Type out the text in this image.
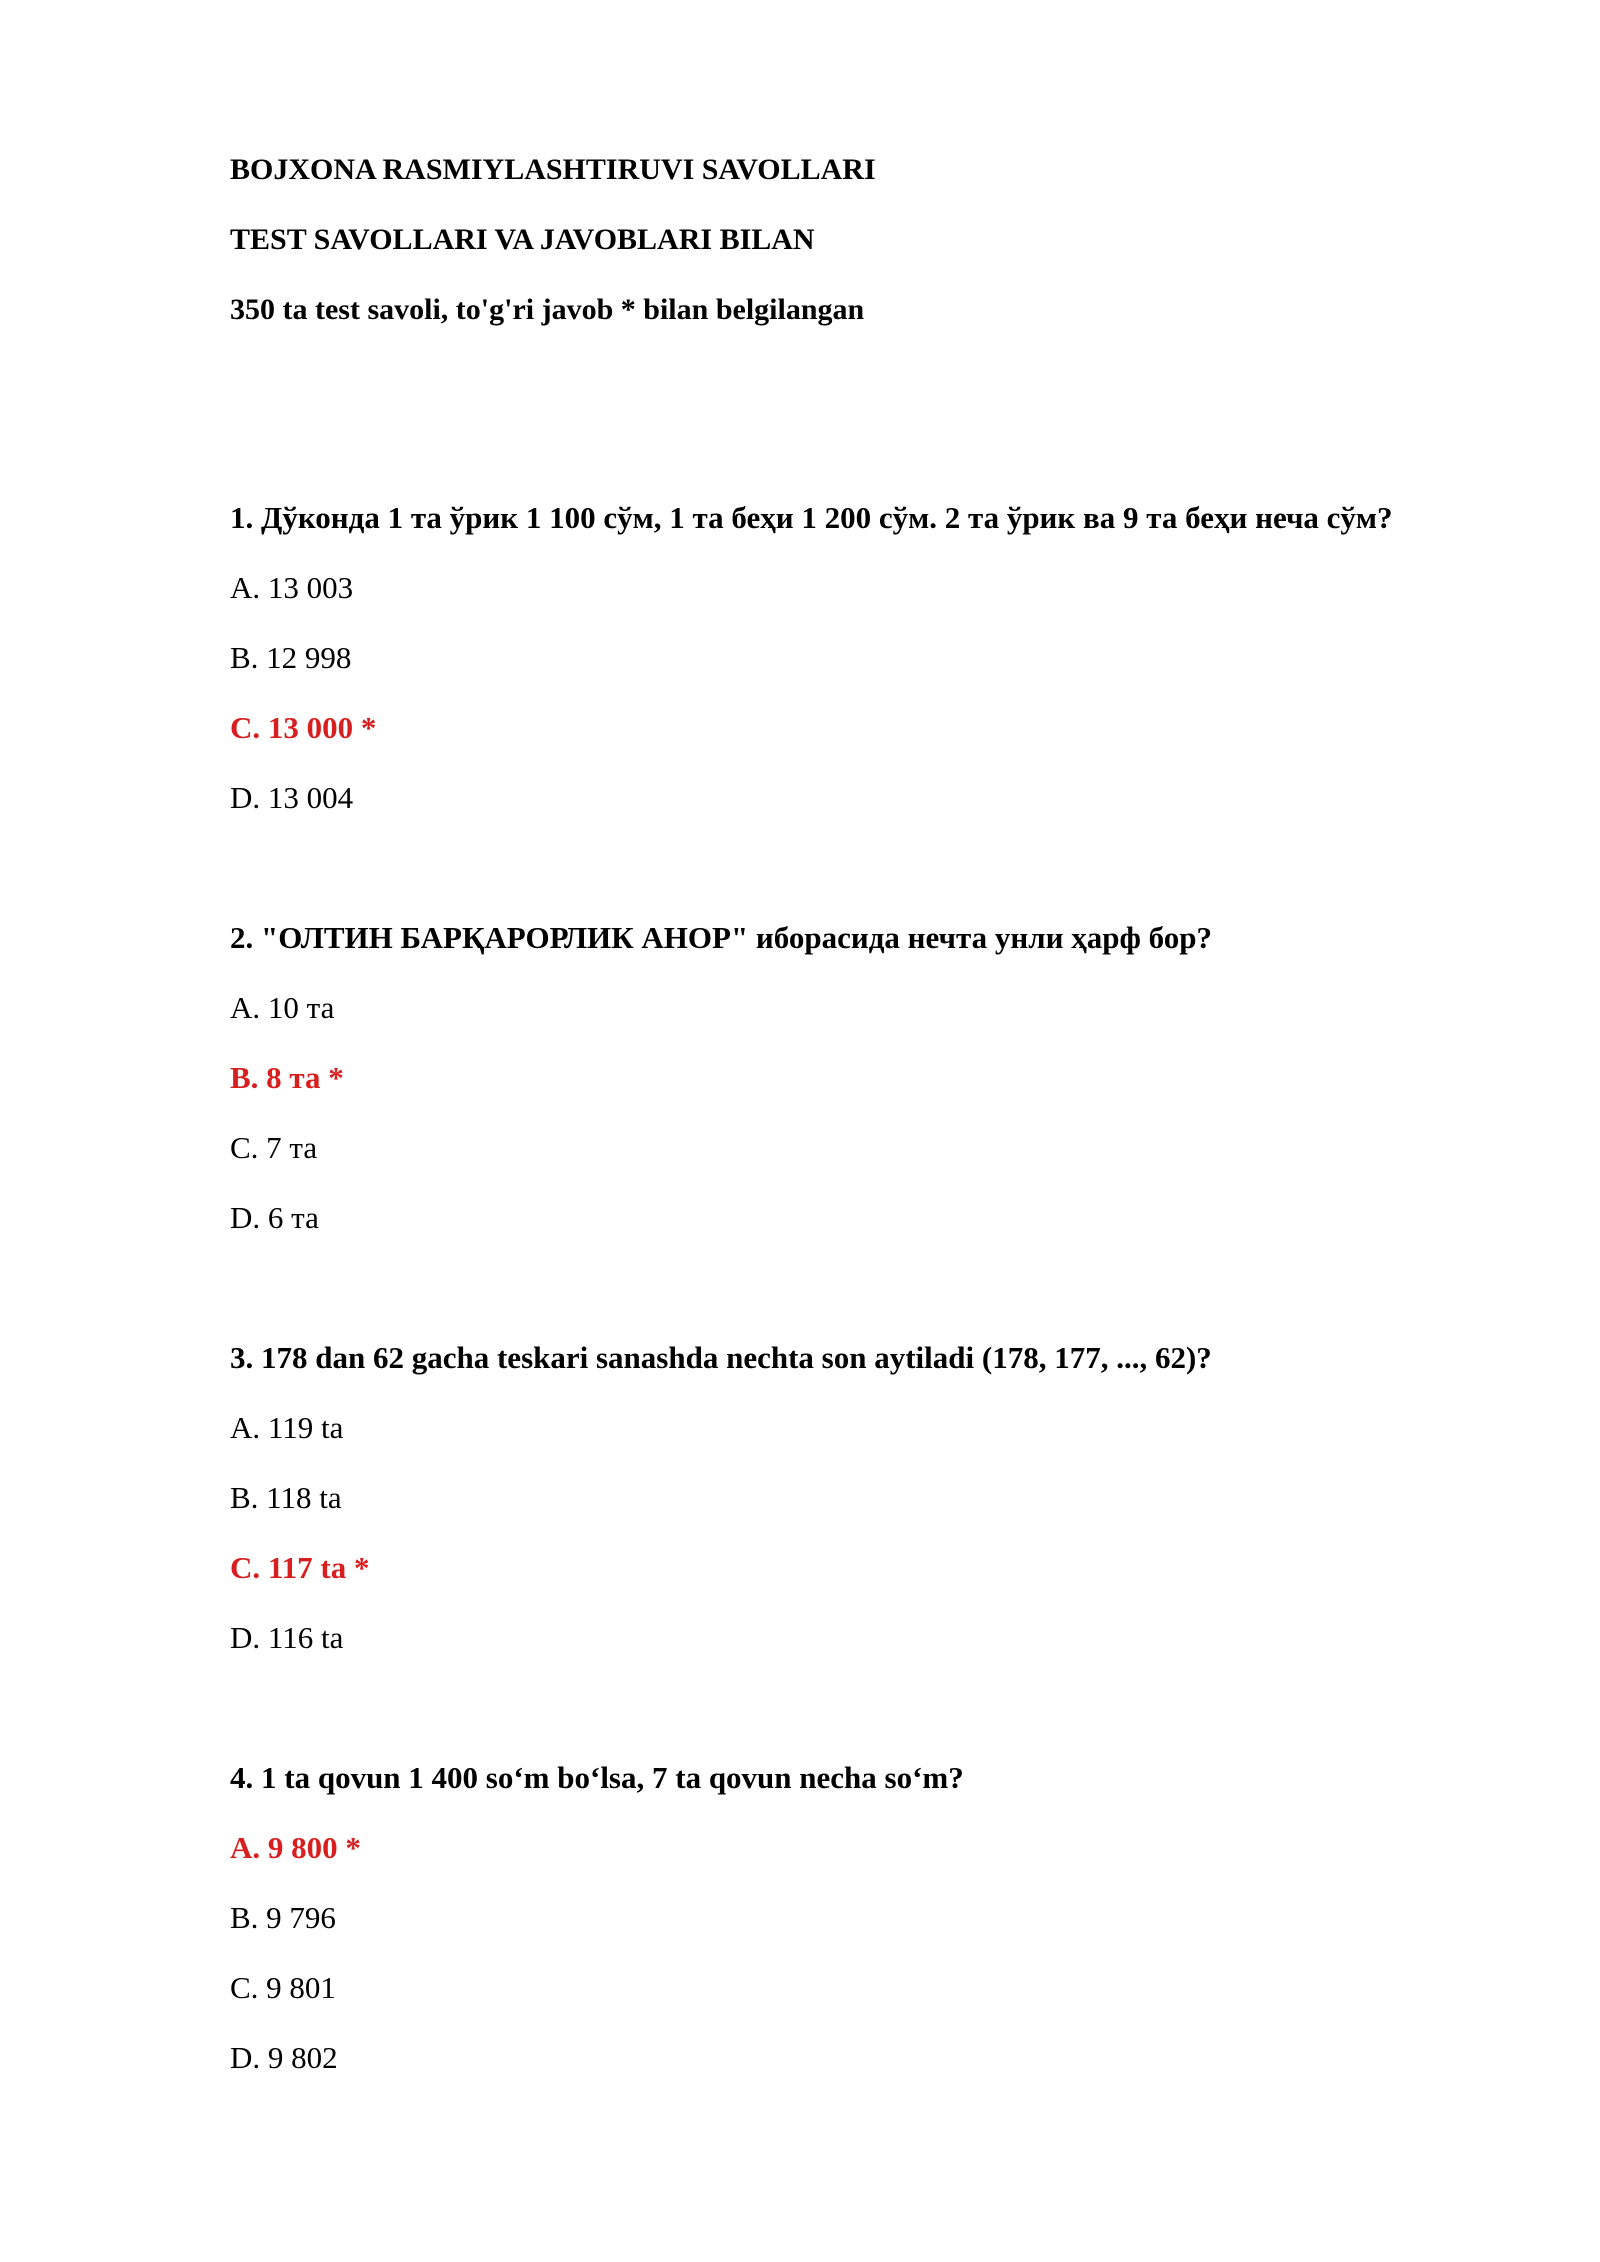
BOJXONA RASMIYLASHTIRUVI SAVOLLARI
TEST SAVOLLARI VA JAVOBLARI BILAN
350 ta test savoli, to'g'ri javob * bilan belgilangan
1. Дўконда 1 та ўрик 1 100 сўм, 1 та беҳи 1 200 сўм. 2 та ўрик ва 9 та беҳи неча сўм?
A. 13 003
B. 12 998
C. 13 000 *
D. 13 004
2. "ОЛТИН БАРҚАРОРЛИК АНОР" иборасида нечта унли ҳарф бор?
A. 10 та
B. 8 та *
C. 7 та
D. 6 та
3. 178 dan 62 gacha teskari sanashda nechta son aytiladi (178, 177, ..., 62)?
A. 119 ta
B. 118 ta
C. 117 ta *
D. 116 ta
4. 1 ta qovun 1 400 so‘m bo‘lsa, 7 ta qovun necha so‘m?
A. 9 800 *
B. 9 796
C. 9 801
D. 9 802
